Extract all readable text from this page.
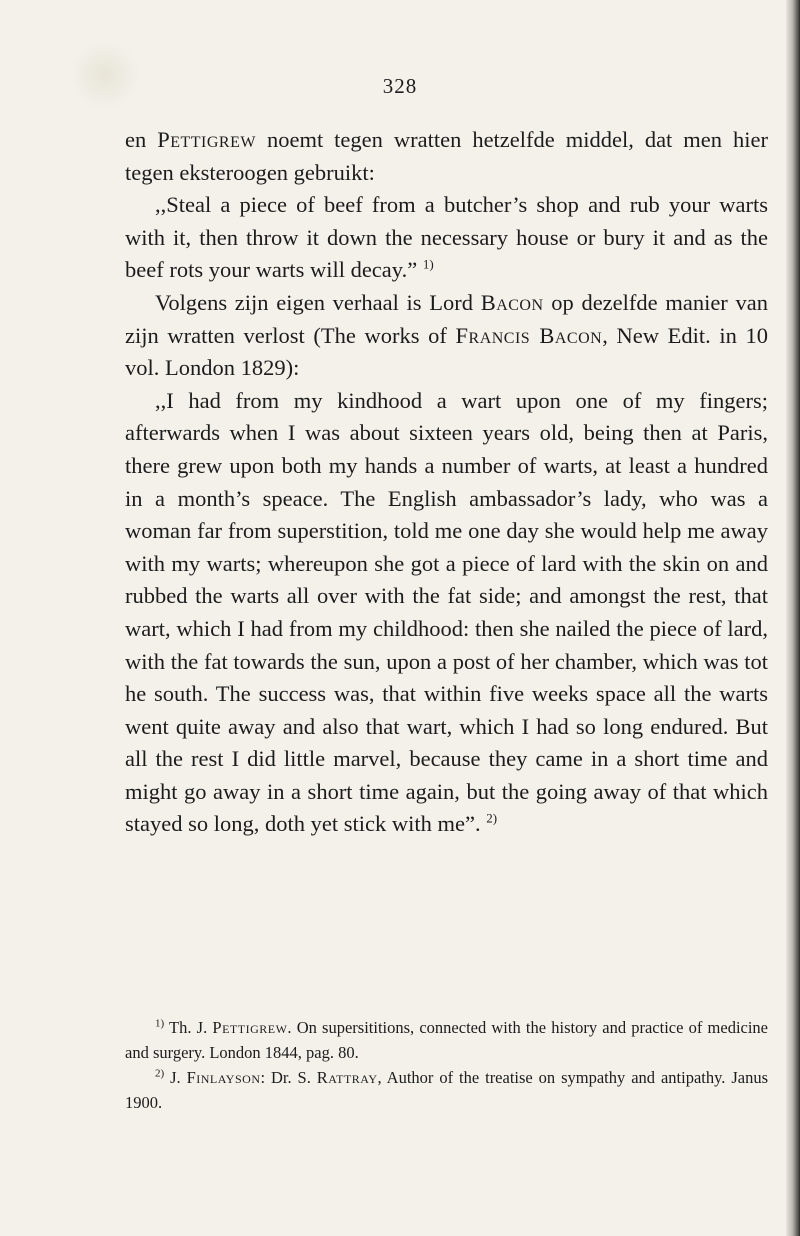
328

en Pettigrew noemt tegen wratten hetzelfde middel, dat men hier tegen eksteroogen gebruikt:

,,Steal a piece of beef from a butcher’s shop and rub your warts with it, then throw it down the necessary house or bury it and as the beef rots your warts will decay.” $^{1)}$

Volgens zijn eigen verhaal is Lord Bacon op dezelfde manier van zijn wratten verlost (The works of Francis Bacon, New Edit. in 10 vol. London 1829):

,,I had from my kindhood a wart upon one of my fingers; afterwards when I was about sixteen years old, being then at Paris, there grew upon both my hands a number of warts, at least a hundred in a month’s speace. The English ambassador’s lady, who was a woman far from superstition, told me one day she would help me away with my warts; whereupon she got a piece of lard with the skin on and rubbed the warts all over with the fat side; and amongst the rest, that wart, which I had from my childhood: then she nailed the piece of lard, with the fat towards the sun, upon a post of her chamber, which was tot he south. The success was, that within five weeks space all the warts went quite away and also that wart, which I had so long endured. But all the rest I did little marvel, because they came in a short time and might go away in a short time again, but the going away of that which stayed so long, doth yet stick with me”. $^{2)}$

$^{1)}$ Th. J. Pettigrew. On supersititions, connected with the history and practice of medicine and surgery. London 1844, pag. 80.

$^{2)}$ J. Finlayson: Dr. S. Rattray, Author of the treatise on sympathy and antipathy. Janus 1900.
